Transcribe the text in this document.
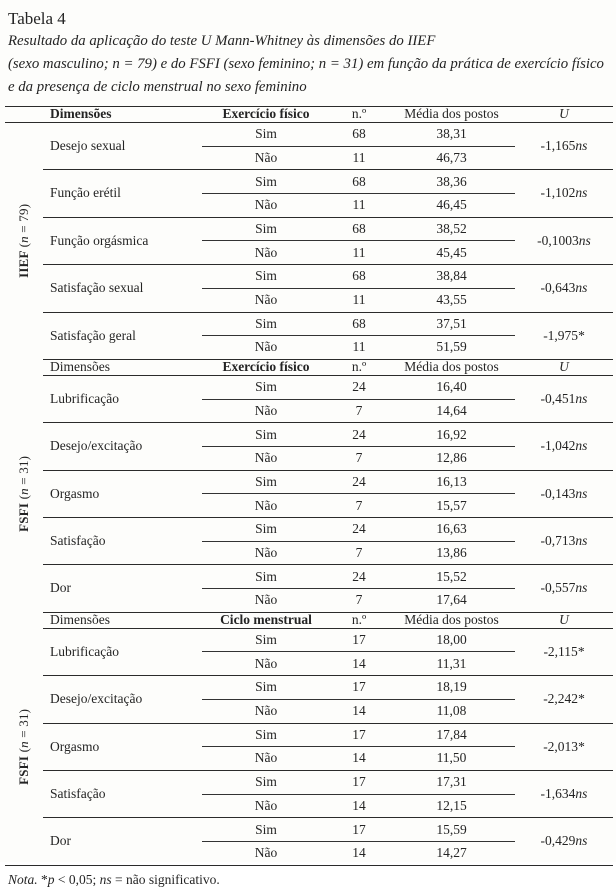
Tabela 4
Resultado da aplicação do teste U Mann-Whitney às dimensões do IIEF
(sexo masculino; n = 79) e do FSFI (sexo feminino; n = 31) em função da prática de exercício físico
e da presença de ciclo menstrual no sexo feminino
	Dimensões	Exercício físico	n.º	Média dos postos	U

IIEF (n = 79)	Desejo sexual	Sim	68	38,31	-1,165ns
		Não	11	46,73	
	Função erétil	Sim	68	38,36	-1,102ns
		Não	11	46,45	
	Função orgásmica	Sim	68	38,52	-0,1003ns
		Não	11	45,45	
	Satisfação sexual	Sim	68	38,84	-0,643ns
		Não	11	43,55	
	Satisfação geral	Sim	68	37,51	-1,975*
		Não	11	51,59	
	Dimensões	Exercício físico	n.º	Média dos postos	U

FSFI (n = 31)	Lubrificação	Sim	24	16,40	-0,451ns
		Não	7	14,64	
	Desejo/excitação	Sim	24	16,92	-1,042ns
		Não	7	12,86	
	Orgasmo	Sim	24	16,13	-0,143ns
		Não	7	15,57	
	Satisfação	Sim	24	16,63	-0,713ns
		Não	7	13,86	
	Dor	Sim	24	15,52	-0,557ns
		Não	7	17,64	
	Dimensões	Ciclo menstrual	n.º	Média dos postos	U

FSFI (n = 31)	Lubrificação	Sim	17	18,00	-2,115*
		Não	14	11,31	
	Desejo/excitação	Sim	17	18,19	-2,242*
		Não	14	11,08	
	Orgasmo	Sim	17	17,84	-2,013*
		Não	14	11,50	
	Satisfação	Sim	17	17,31	-1,634ns
		Não	14	12,15	
	Dor	Sim	17	15,59	-0,429ns
		Não	14	14,27	
Nota. *p < 0,05; ns = não significativo.
